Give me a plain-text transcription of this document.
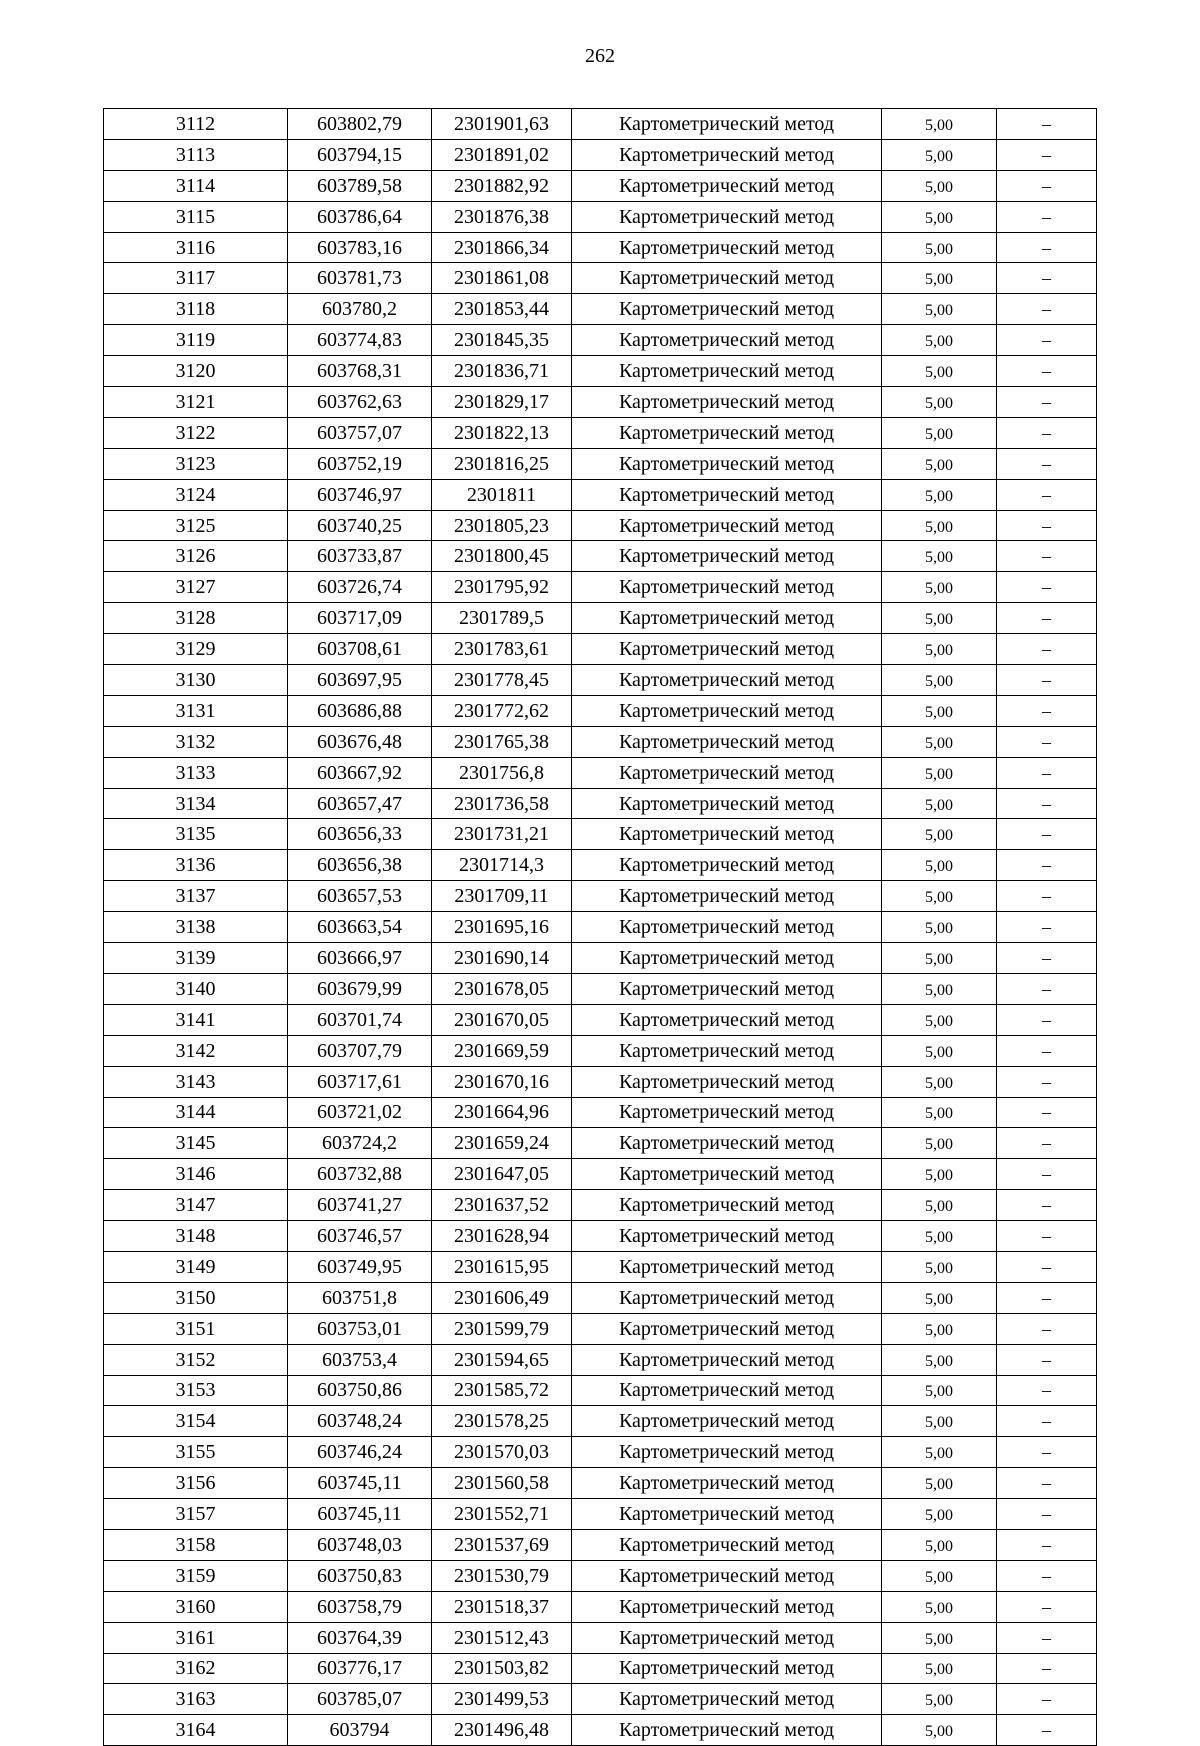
262
3112	603802,79	2301901,63	Картометрический метод	5,00	–
3113	603794,15	2301891,02	Картометрический метод	5,00	–
3114	603789,58	2301882,92	Картометрический метод	5,00	–
3115	603786,64	2301876,38	Картометрический метод	5,00	–
3116	603783,16	2301866,34	Картометрический метод	5,00	–
3117	603781,73	2301861,08	Картометрический метод	5,00	–
3118	603780,2	2301853,44	Картометрический метод	5,00	–
3119	603774,83	2301845,35	Картометрический метод	5,00	–
3120	603768,31	2301836,71	Картометрический метод	5,00	–
3121	603762,63	2301829,17	Картометрический метод	5,00	–
3122	603757,07	2301822,13	Картометрический метод	5,00	–
3123	603752,19	2301816,25	Картометрический метод	5,00	–
3124	603746,97	2301811	Картометрический метод	5,00	–
3125	603740,25	2301805,23	Картометрический метод	5,00	–
3126	603733,87	2301800,45	Картометрический метод	5,00	–
3127	603726,74	2301795,92	Картометрический метод	5,00	–
3128	603717,09	2301789,5	Картометрический метод	5,00	–
3129	603708,61	2301783,61	Картометрический метод	5,00	–
3130	603697,95	2301778,45	Картометрический метод	5,00	–
3131	603686,88	2301772,62	Картометрический метод	5,00	–
3132	603676,48	2301765,38	Картометрический метод	5,00	–
3133	603667,92	2301756,8	Картометрический метод	5,00	–
3134	603657,47	2301736,58	Картометрический метод	5,00	–
3135	603656,33	2301731,21	Картометрический метод	5,00	–
3136	603656,38	2301714,3	Картометрический метод	5,00	–
3137	603657,53	2301709,11	Картометрический метод	5,00	–
3138	603663,54	2301695,16	Картометрический метод	5,00	–
3139	603666,97	2301690,14	Картометрический метод	5,00	–
3140	603679,99	2301678,05	Картометрический метод	5,00	–
3141	603701,74	2301670,05	Картометрический метод	5,00	–
3142	603707,79	2301669,59	Картометрический метод	5,00	–
3143	603717,61	2301670,16	Картометрический метод	5,00	–
3144	603721,02	2301664,96	Картометрический метод	5,00	–
3145	603724,2	2301659,24	Картометрический метод	5,00	–
3146	603732,88	2301647,05	Картометрический метод	5,00	–
3147	603741,27	2301637,52	Картометрический метод	5,00	–
3148	603746,57	2301628,94	Картометрический метод	5,00	–
3149	603749,95	2301615,95	Картометрический метод	5,00	–
3150	603751,8	2301606,49	Картометрический метод	5,00	–
3151	603753,01	2301599,79	Картометрический метод	5,00	–
3152	603753,4	2301594,65	Картометрический метод	5,00	–
3153	603750,86	2301585,72	Картометрический метод	5,00	–
3154	603748,24	2301578,25	Картометрический метод	5,00	–
3155	603746,24	2301570,03	Картометрический метод	5,00	–
3156	603745,11	2301560,58	Картометрический метод	5,00	–
3157	603745,11	2301552,71	Картометрический метод	5,00	–
3158	603748,03	2301537,69	Картометрический метод	5,00	–
3159	603750,83	2301530,79	Картометрический метод	5,00	–
3160	603758,79	2301518,37	Картометрический метод	5,00	–
3161	603764,39	2301512,43	Картометрический метод	5,00	–
3162	603776,17	2301503,82	Картометрический метод	5,00	–
3163	603785,07	2301499,53	Картометрический метод	5,00	–
3164	603794	2301496,48	Картометрический метод	5,00	–
